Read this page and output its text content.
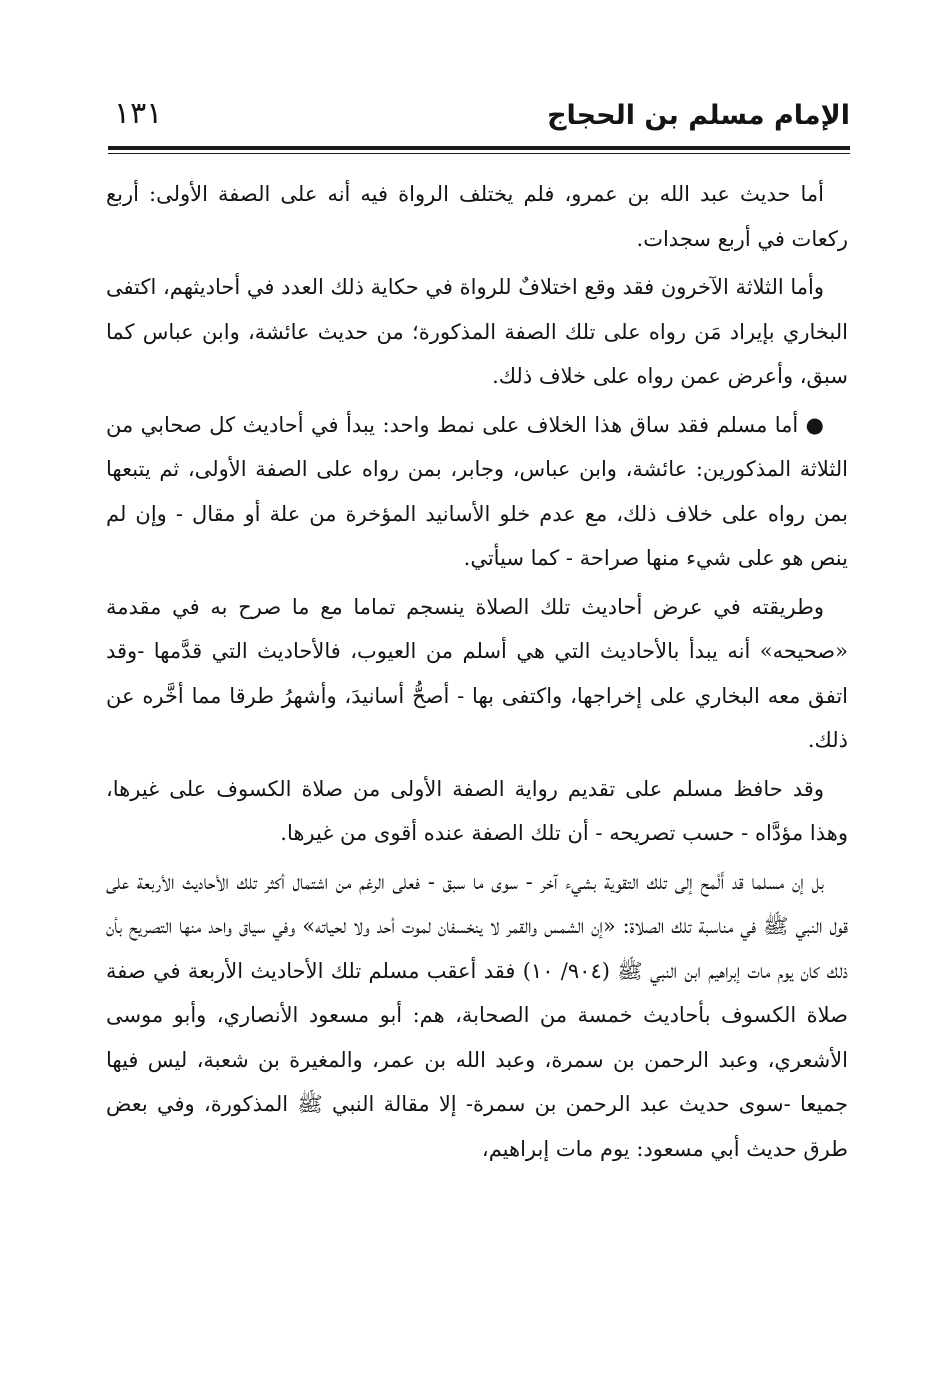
الإمام مسلم بن الحجاج
١٣١

أما حديث عبد الله بن عمرو، فلم يختلف الرواة فيه أنه على الصفة الأولى: أربع ركعات في أربع سجدات.

وأما الثلاثة الآخرون فقد وقع اختلافٌ للرواة في حكاية ذلك العدد في أحاديثهم، اكتفى البخاري بإيراد مَن رواه على تلك الصفة المذكورة؛ من حديث عائشة، وابن عباس كما سبق، وأعرض عمن رواه على خلاف ذلك.

● أما مسلم فقد ساق هذا الخلاف على نمط واحد: يبدأ في أحاديث كل صحابي من الثلاثة المذكورين: عائشة، وابن عباس، وجابر، بمن رواه على الصفة الأولى، ثم يتبعها بمن رواه على خلاف ذلك، مع عدم خلو الأسانيد المؤخرة من علة أو مقال - وإن لم ينص هو على شيء منها صراحة - كما سيأتي.

وطريقته في عرض أحاديث تلك الصلاة ينسجم تماما مع ما صرح به في مقدمة «صحيحه» أنه يبدأ بالأحاديث التي هي أسلم من العيوب، فالأحاديث التي قدَّمها -وقد اتفق معه البخاري على إخراجها، واكتفى بها - أصحُّ أسانيدَ، وأشهرُ طرقا مما أخَّره عن ذلك.

وقد حافظ مسلم على تقديم رواية الصفة الأولى من صلاة الكسوف على غيرها، وهذا مؤدَّاه - حسب تصريحه - أن تلك الصفة عنده أقوى من غيرها.

بل إن مسلما قد أَلْمح إلى تلك التقوية بشيء آخر - سوى ما سبق - فعلى الرغم من اشتمال أكثر تلك الأحاديث الأربعة على قول النبي ﷺ في مناسبة تلك الصلاة: «إن الشمس والقمر لا ينخسفان لموت أحد ولا لحياته» وفي سياق واحد منها التصريح بأن ذلك كان يوم مات إبراهيم ابن النبي ﷺ (٩٠٤/ ١٠) فقد أعقب مسلم تلك الأحاديث الأربعة في صفة صلاة الكسوف بأحاديث خمسة من الصحابة، هم: أبو مسعود الأنصاري، وأبو موسى الأشعري، وعبد الرحمن بن سمرة، وعبد الله بن عمر، والمغيرة بن شعبة، ليس فيها جميعا -سوى حديث عبد الرحمن بن سمرة- إلا مقالة النبي ﷺ المذكورة، وفي بعض طرق حديث أبي مسعود: يوم مات إبراهيم،
